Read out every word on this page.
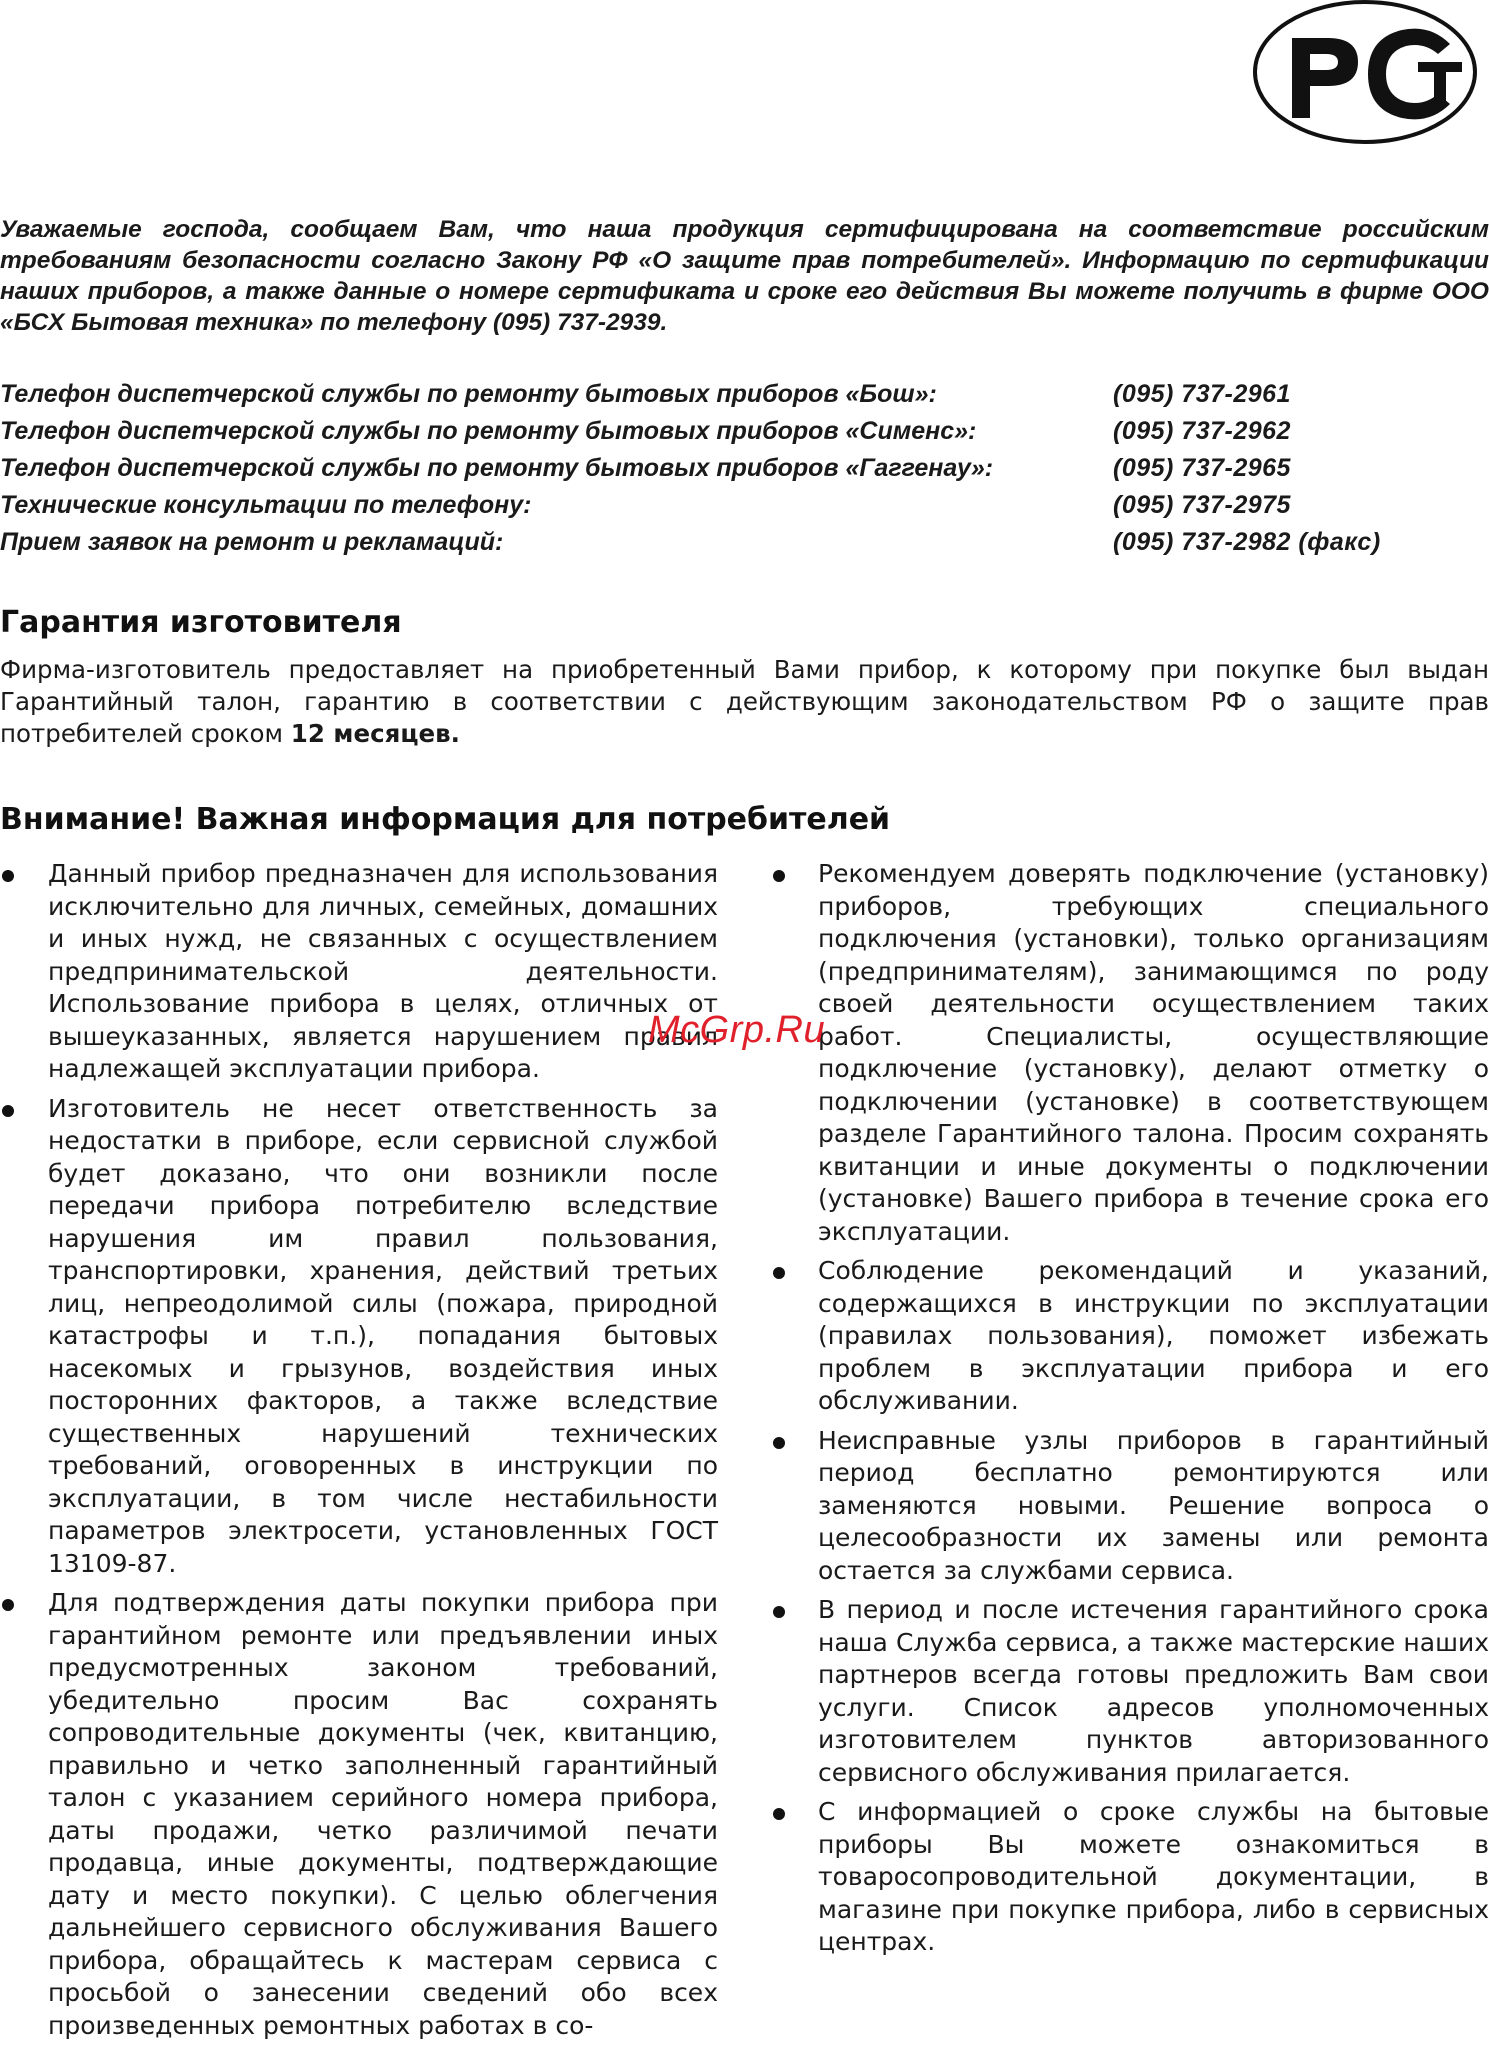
Уважаемые господа, сообщаем Вам, что наша продукция сертифицирована на соответствие российским требованиям безопасности согласно Закону РФ «О защите прав потребителей». Информацию по сертификации наших приборов, а также данные о номере сертификата и сроке его действия Вы можете получить в фирме ООО «БСХ Бытовая техника» по телефону (095) 737-2939.
Телефон диспетчерской службы по ремонту бытовых приборов «Бош»:	(095) 737-2961
Телефон диспетчерской службы по ремонту бытовых приборов «Сименс»:	(095) 737-2962
Телефон диспетчерской службы по ремонту бытовых приборов «Гаггенау»:	(095) 737-2965
Технические консультации по телефону:	(095) 737-2975
Прием заявок на ремонт и рекламаций:	(095) 737-2982 (факс)
Гарантия изготовителя
Фирма-изготовитель предоставляет на приобретенный Вами прибор, к которому при покупке был выдан Гарантийный талон, гарантию в соответствии с действующим законодательством РФ о защите прав потребителей сроком 12 месяцев.
Внимание! Важная информация для потребителей
Данный прибор предназначен для использования исключительно для личных, семейных, домашних и иных нужд, не связанных с осуществлением предпринимательской деятельности. Использование прибора в целях, отличных от вышеуказанных, является нарушением правил надлежащей эксплуатации прибора.
Изготовитель не несет ответственность за недостатки в приборе, если сервисной службой будет доказано, что они возникли после передачи прибора потребителю вследствие нарушения им правил пользования, транспортировки, хранения, действий третьих лиц, непреодолимой силы (пожара, природной катастрофы и т.п.), попадания бытовых насекомых и грызунов, воздействия иных посторонних факторов, а также вследствие существенных нарушений технических требований, оговоренных в инструкции по эксплуатации, в том числе нестабильности параметров электросети, установленных ГОСТ 13109-87.
Для подтверждения даты покупки прибора при гарантийном ремонте или предъявлении иных предусмотренных законом требований, убедительно просим Вас сохранять сопроводительные документы (чек, квитанцию, правильно и четко заполненный гарантийный талон с указанием серийного номера прибора, даты продажи, четко различимой печати продавца, иные документы, подтверждающие дату и место покупки). С целью облегчения дальнейшего сервисного обслуживания Вашего прибора, обращайтесь к мастерам сервиса с просьбой о занесении сведений обо всех произведенных ремонтных работах в со-
Рекомендуем доверять подключение (установку) приборов, требующих специального подключения (установки), только организациям (предпринимателям), занимающимся по роду своей деятельности осуществлением таких работ. Специалисты, осуществляющие подключение (установку), делают отметку о подключении (установке) в соответствующем разделе Гарантийного талона. Просим сохранять квитанции и иные документы о подключении (установке) Вашего прибора в течение срока его эксплуатации.
Соблюдение рекомендаций и указаний, содержащихся в инструкции по эксплуатации (правилах пользования), поможет избежать проблем в эксплуатации прибора и его обслуживании.
Неисправные узлы приборов в гарантийный период бесплатно ремонтируются или заменяются новыми. Решение вопроса о целесообразности их замены или ремонта остается за службами сервиса.
В период и после истечения гарантийного срока наша Служба сервиса, а также мастерские наших партнеров всегда готовы предложить Вам свои услуги. Список адресов уполномоченных изготовителем пунктов авторизованного сервисного обслуживания прилагается.
С информацией о сроке службы на бытовые приборы Вы можете ознакомиться в товаросопроводительной документации, в магазине при покупке прибора, либо в сервисных центрах.
McGrp.Ru
